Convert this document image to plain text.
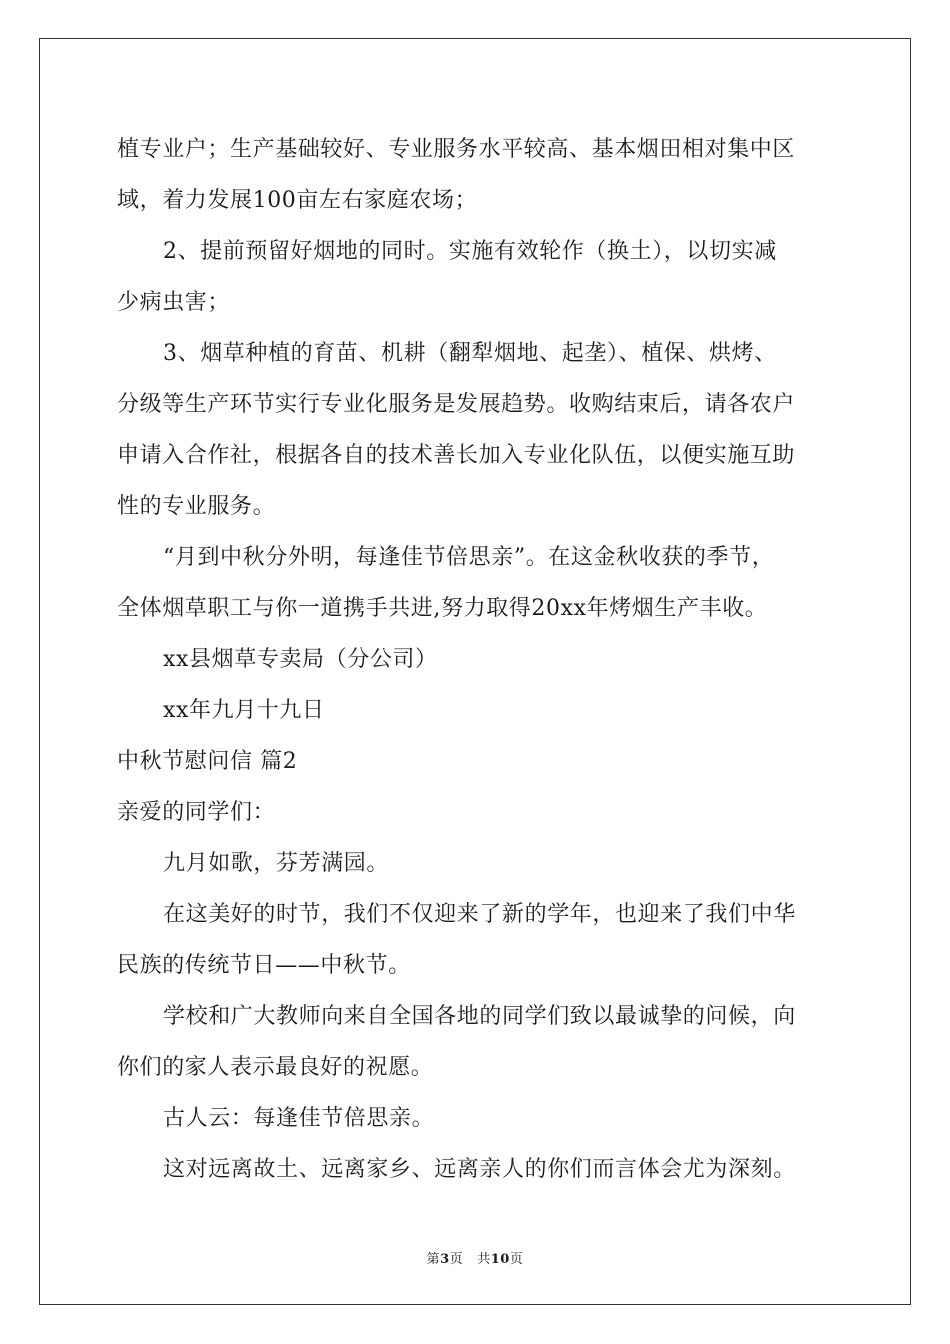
植专业户；生产基础较好、专业服务水平较高、基本烟田相对集中区
域，着力发展100亩左右家庭农场；
2、提前预留好烟地的同时。实施有效轮作（换土），以切实减
少病虫害；
3、烟草种植的育苗、机耕（翻犁烟地、起垄）、植保、烘烤、
分级等生产环节实行专业化服务是发展趋势。收购结束后，请各农户
申请入合作社，根据各自的技术善长加入专业化队伍，以便实施互助
性的专业服务。
“月到中秋分外明，每逢佳节倍思亲”。在这金秋收获的季节，
全体烟草职工与你一道携手共进,努力取得20xx年烤烟生产丰收。
xx县烟草专卖局（分公司）
xx年九月十九日
中秋节慰问信 篇2
亲爱的同学们：
九月如歌，芬芳满园。
在这美好的时节，我们不仅迎来了新的学年，也迎来了我们中华
民族的传统节日——中秋节。
学校和广大教师向来自全国各地的同学们致以最诚挚的问候，向
你们的家人表示最良好的祝愿。
古人云：每逢佳节倍思亲。
这对远离故土、远离家乡、远离亲人的你们而言体会尤为深刻。
第3页 共10页
